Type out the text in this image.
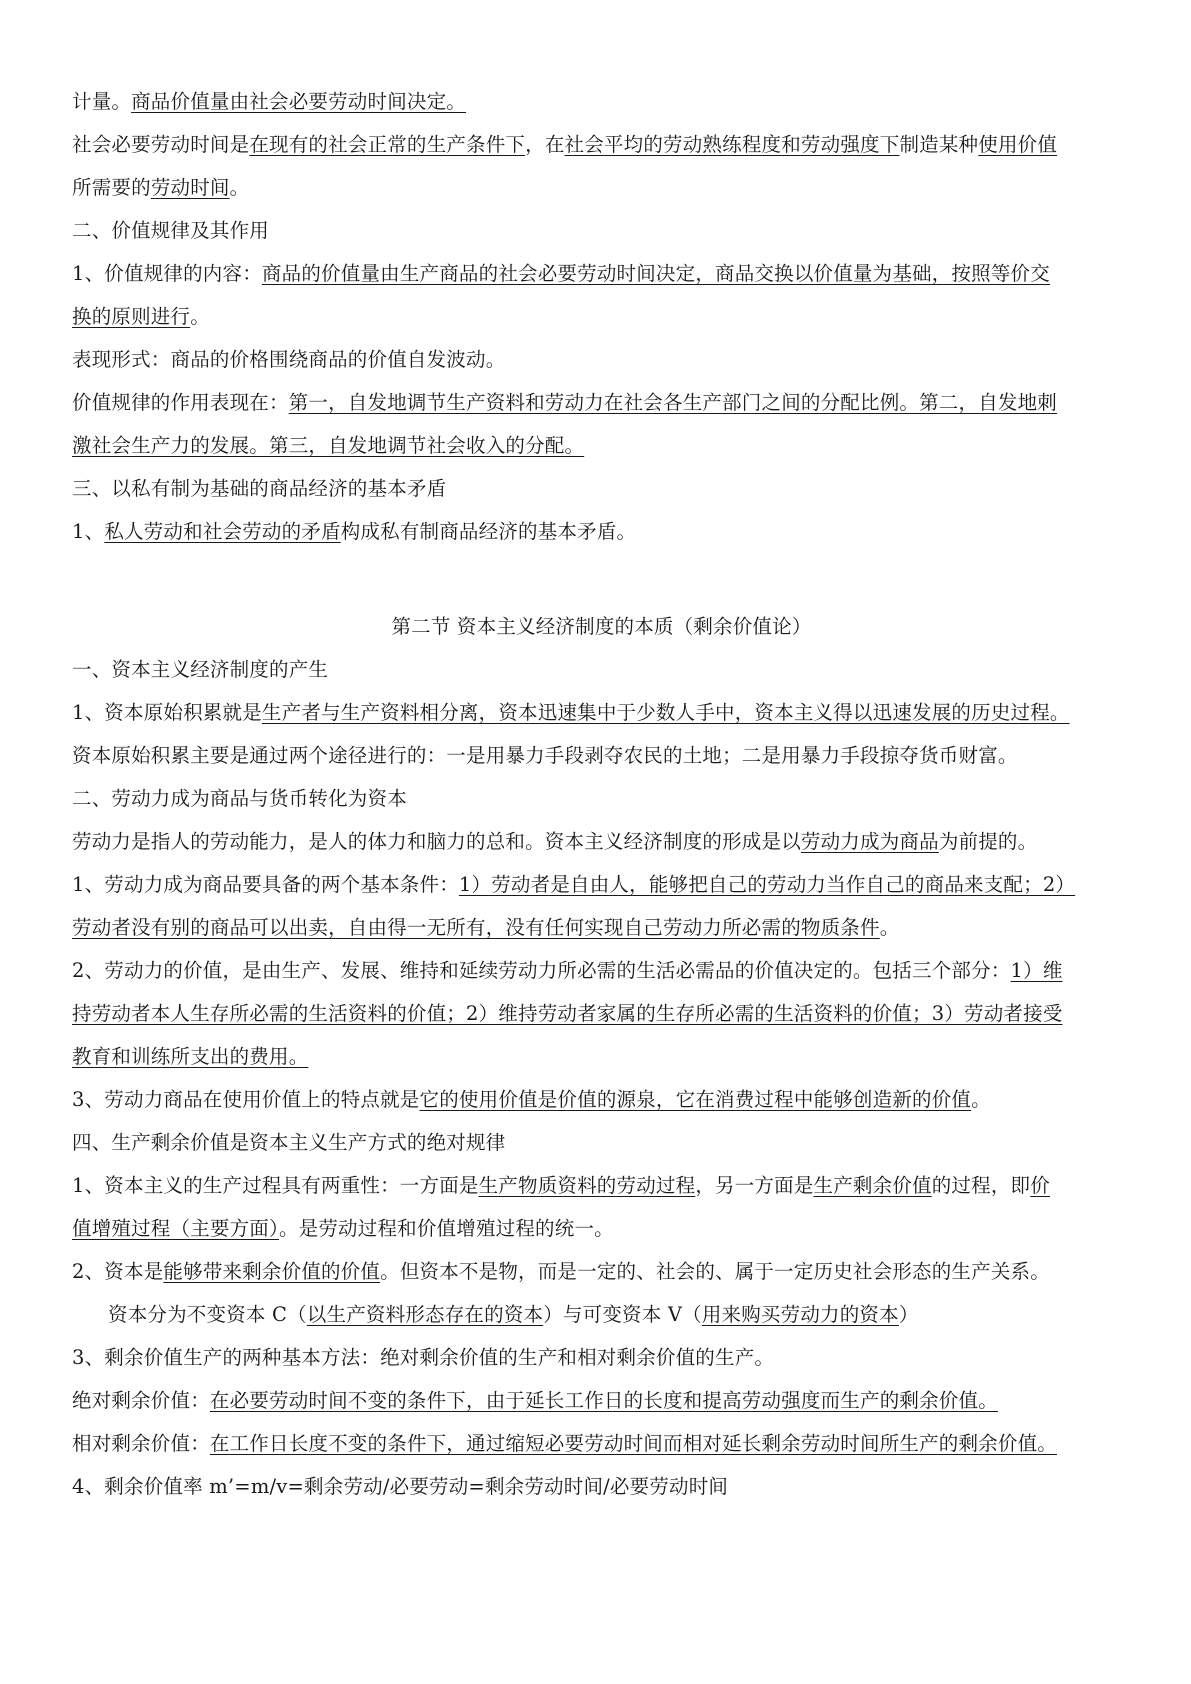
计量。商品价值量由社会必要劳动时间决定。
社会必要劳动时间是在现有的社会正常的生产条件下，在社会平均的劳动熟练程度和劳动强度下制造某种使用价值
所需要的劳动时间。
二、价值规律及其作用
1、价值规律的内容：商品的价值量由生产商品的社会必要劳动时间决定，商品交换以价值量为基础，按照等价交
换的原则进行。
表现形式：商品的价格围绕商品的价值自发波动。
价值规律的作用表现在：第一，自发地调节生产资料和劳动力在社会各生产部门之间的分配比例。第二，自发地刺
激社会生产力的发展。第三，自发地调节社会收入的分配。
三、以私有制为基础的商品经济的基本矛盾
1、私人劳动和社会劳动的矛盾构成私有制商品经济的基本矛盾。
第二节 资本主义经济制度的本质（剩余价值论）
一、资本主义经济制度的产生
1、资本原始积累就是生产者与生产资料相分离，资本迅速集中于少数人手中，资本主义得以迅速发展的历史过程。
资本原始积累主要是通过两个途径进行的：一是用暴力手段剥夺农民的土地；二是用暴力手段掠夺货币财富。
二、劳动力成为商品与货币转化为资本
劳动力是指人的劳动能力，是人的体力和脑力的总和。资本主义经济制度的形成是以劳动力成为商品为前提的。
1、劳动力成为商品要具备的两个基本条件：1）劳动者是自由人，能够把自己的劳动力当作自己的商品来支配；2）
劳动者没有别的商品可以出卖，自由得一无所有，没有任何实现自己劳动力所必需的物质条件。
2、劳动力的价值，是由生产、发展、维持和延续劳动力所必需的生活必需品的价值决定的。包括三个部分：1）维
持劳动者本人生存所必需的生活资料的价值；2）维持劳动者家属的生存所必需的生活资料的价值；3）劳动者接受
教育和训练所支出的费用。
3、劳动力商品在使用价值上的特点就是它的使用价值是价值的源泉，它在消费过程中能够创造新的价值。
四、生产剩余价值是资本主义生产方式的绝对规律
1、资本主义的生产过程具有两重性：一方面是生产物质资料的劳动过程，另一方面是生产剩余价值的过程，即价
值增殖过程（主要方面）。是劳动过程和价值增殖过程的统一。
2、资本是能够带来剩余价值的价值。但资本不是物，而是一定的、社会的、属于一定历史社会形态的生产关系。
资本分为不变资本 C（以生产资料形态存在的资本）与可变资本 V（用来购买劳动力的资本）
3、剩余价值生产的两种基本方法：绝对剩余价值的生产和相对剩余价值的生产。
绝对剩余价值：在必要劳动时间不变的条件下，由于延长工作日的长度和提高劳动强度而生产的剩余价值。
相对剩余价值：在工作日长度不变的条件下，通过缩短必要劳动时间而相对延长剩余劳动时间所生产的剩余价值。
4、剩余价值率 m’=m/v=剩余劳动/必要劳动=剩余劳动时间/必要劳动时间
